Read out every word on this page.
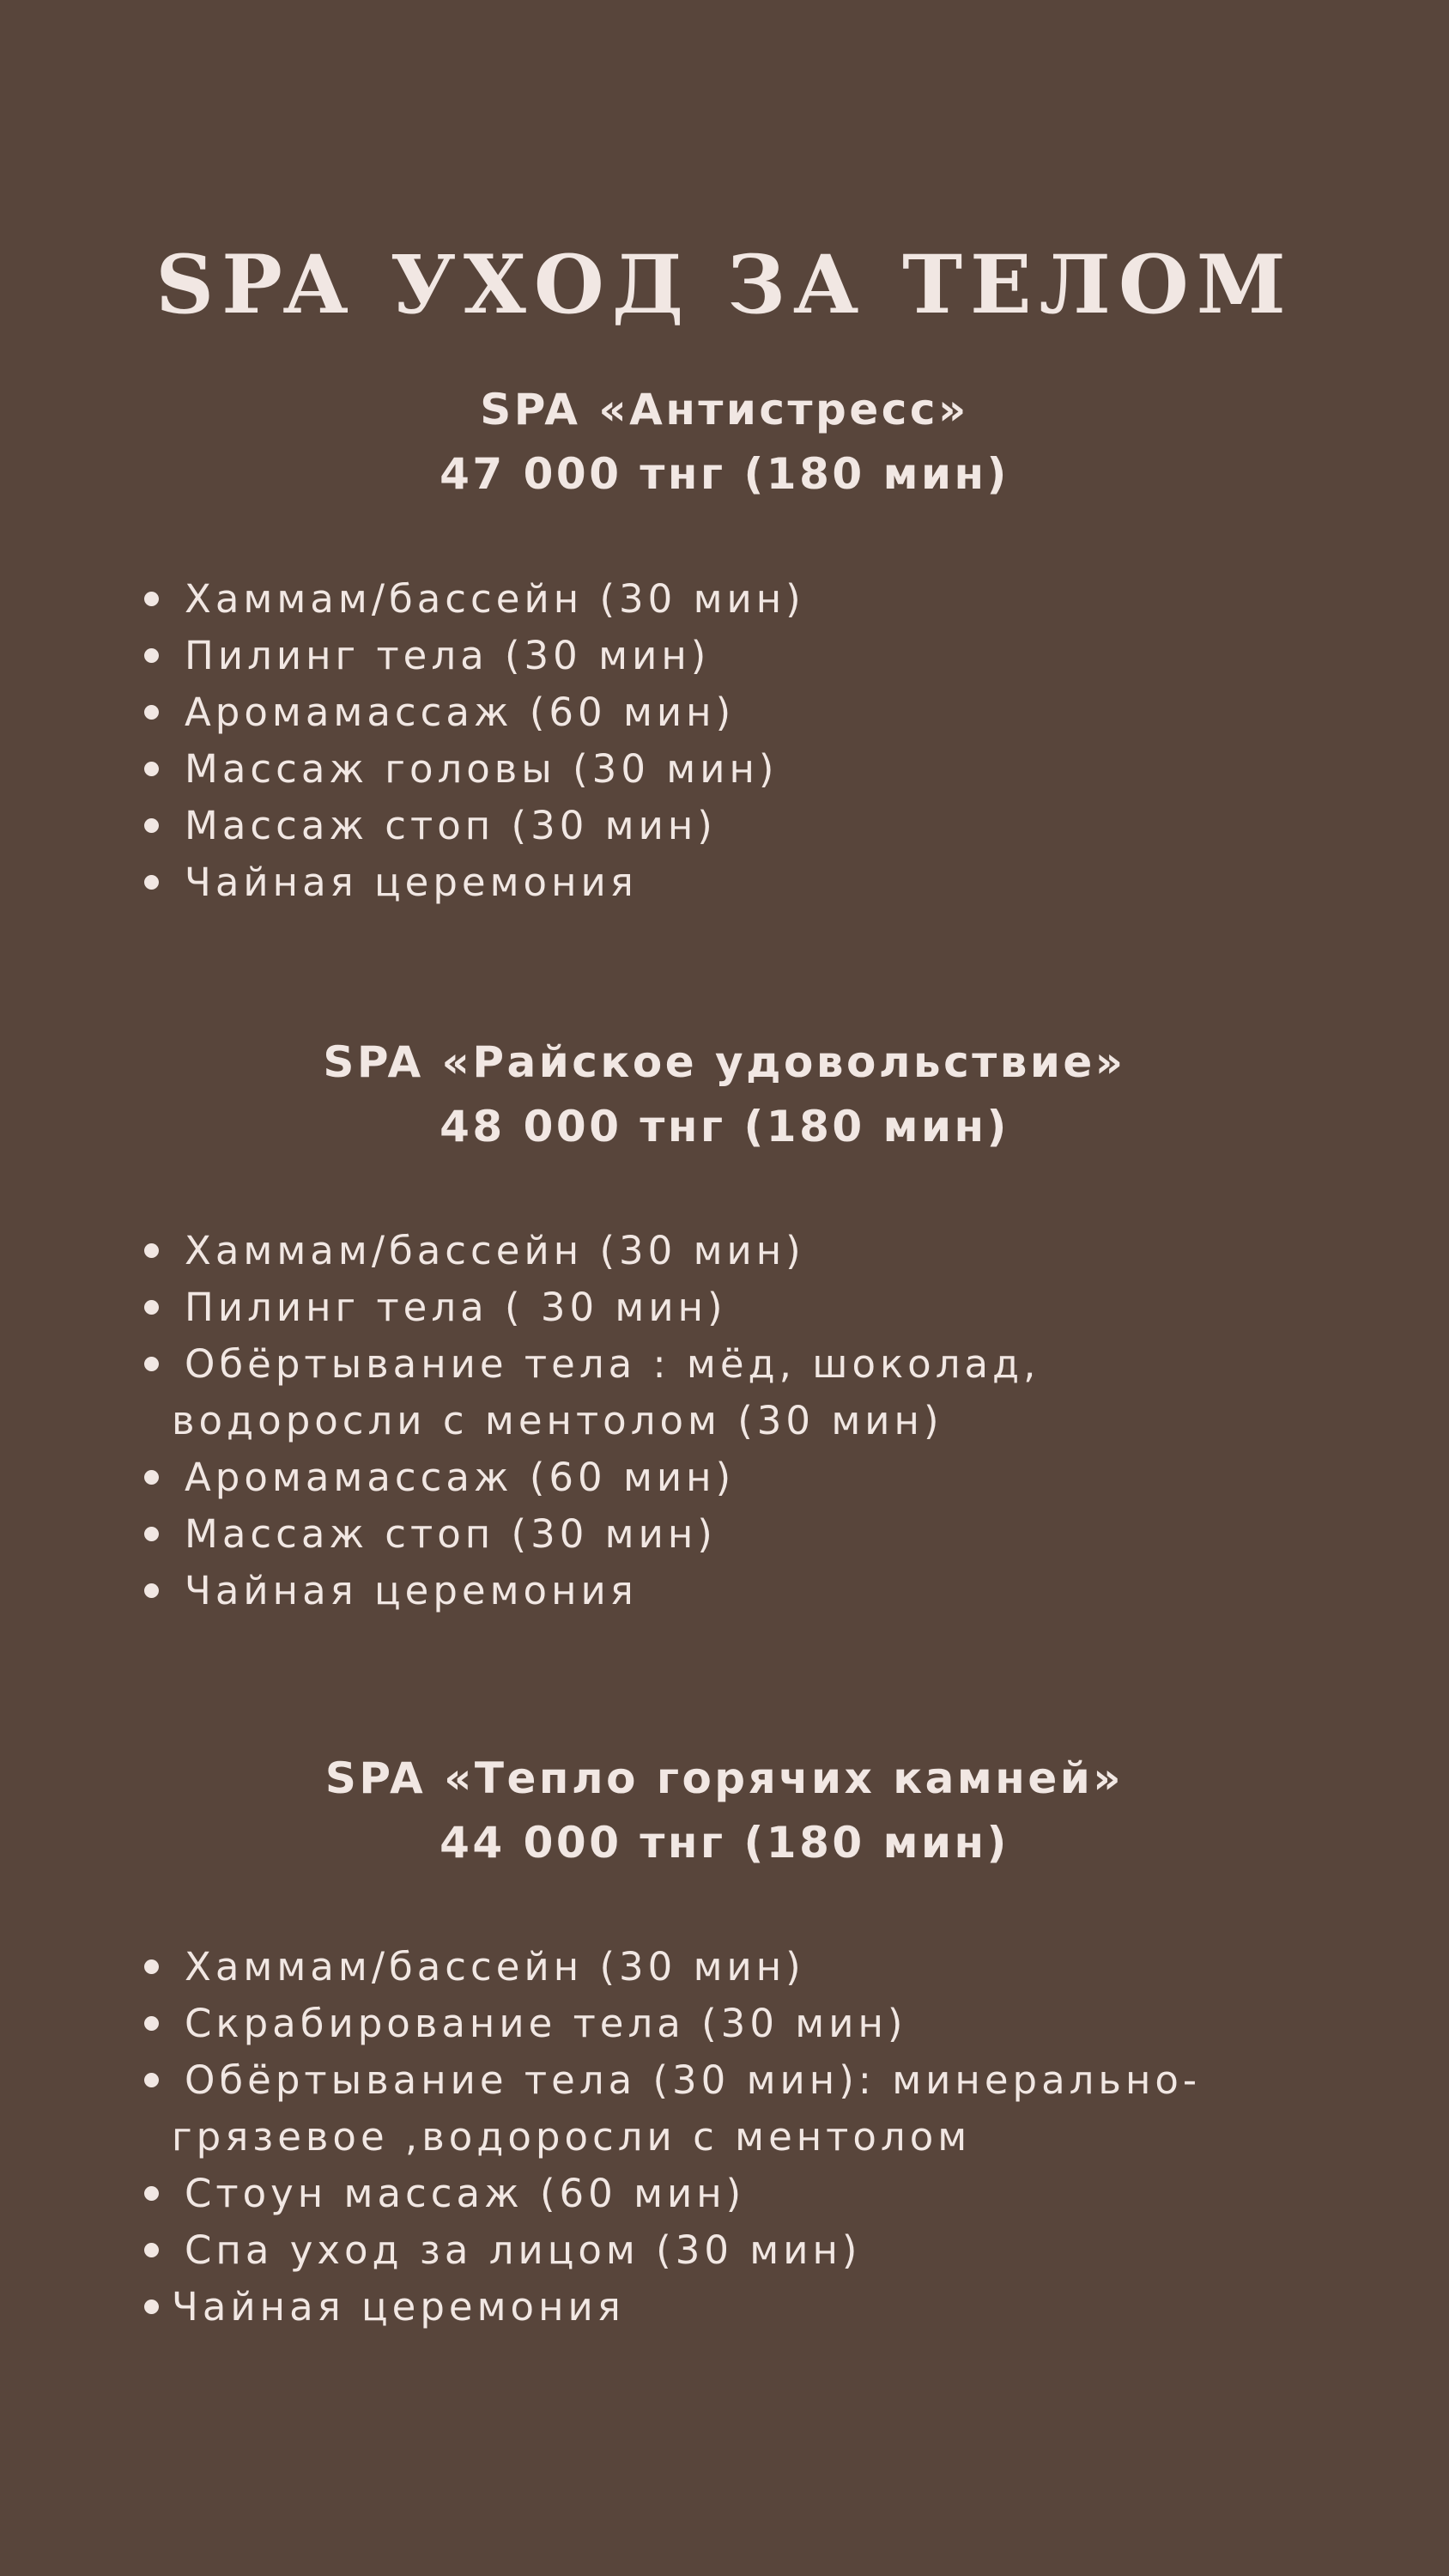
SPA УХОД ЗА ТЕЛОМ
SPA «Антистресс»
47 000 тнг (180 мин)
Хаммам/бассейн (30 мин)
Пилинг тела (30 мин)
Аромамассаж (60 мин)
Массаж головы (30 мин)
Массаж стоп (30 мин)
Чайная церемония
SPA «Райское удовольствие»
48 000 тнг (180 мин)
Хаммам/бассейн (30 мин)
Пилинг тела ( 30 мин)
Обёртывание тела : мёд, шоколад,
водоросли с ментолом (30 мин)
Аромамассаж (60 мин)
Массаж стоп (30 мин)
Чайная церемония
SPA «Тепло горячих камней»
44 000 тнг (180 мин)
Хаммам/бассейн (30 мин)
Скрабирование тела (30 мин)
Обёртывание тела (30 мин): минерально-
грязевое ,водоросли с ментолом
Стоун массаж (60 мин)
Спа уход за лицом (30 мин)
Чайная церемония
